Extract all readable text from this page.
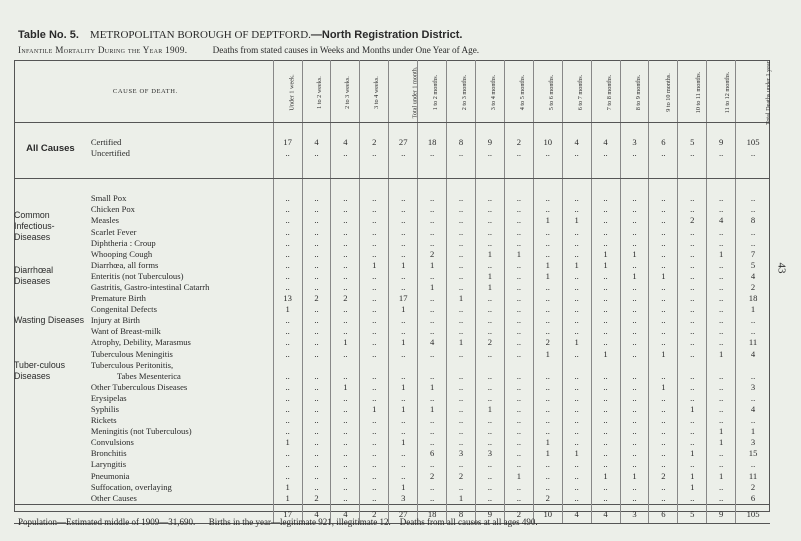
Table No. 5. METROPOLITAN BOROUGH OF DEPTFORD.—North Registration District.
Infantile Mortality During the Year 1909.	Deaths from stated causes in Weeks and Months under One Year of Age.
43
CAUSE OF DEATH.		Under 1 week.	1 to 2 weeks.	2 to 3 weeks.	3 to 4 weeks.	Total under 1 month.	1 to 2 months.	2 to 3 months.	3 to 4 months.	4 to 5 months.	5 to 6 months.	6 to 7 months.	7 to 8 months.	8 to 9 months.	9 to 10 months.	10 to 11 months.	11 to 12 months.	Total Deaths under 1 year.

All Causes	Certified	17	4	4	2	27	18	8	9	2	10	4	4	3	6	5	9	105
	Uncertified	..	..	..	..	..	..	..	..	..	..	..	..	..	..	..	..	..

Common Infectious-Diseases	Small Pox	..	..	..	..	..	..	..	..	..	..	..	..	..	..	..	..	..
	Chicken Pox	..	..	..	..	..	..	..	..	..	..	..	..	..	..	..	..	..
	Measles	..	..	..	..	..	..	..	..	..	1	1	..	..	..	2	4	8
	Scarlet Fever	..	..	..	..	..	..	..	..	..	..	..	..	..	..	..	..	..
	Diphtheria : Croup	..	..	..	..	..	..	..	..	..	..	..	..	..	..	..	..	..
	Whooping Cough	..	..	..	..	..	2	..	1	1	..	..	1	1	..	..	1	7
Diarrhœal Diseases	Diarrhœa, all forms	..	..	..	1	1	1	..	..	..	1	1	1	..	..	..	..	5
	Enteritis (not Tuberculous)	..	..	..	..	..	..	..	1	..	1	..	..	1	1	..	..	4
	Gastritis, Gastro-intestinal Catarrh	..	..	..	..	..	1	..	1	..	..	..	..	..	..	..	..	2
Wasting Diseases	Premature Birth	13	2	2	..	17	..	1	..	..	..	..	..	..	..	..	..	18
	Congenital Defects	1	..	..	..	1	..	..	..	..	..	..	..	..	..	..	..	1
	Injury at Birth	..	..	..	..	..	..	..	..	..	..	..	..	..	..	..	..	..
	Want of Breast-milk	..	..	..	..	..	..	..	..	..	..	..	..	..	..	..	..	..
	Atrophy, Debility, Marasmus	..	..	1	..	1	4	1	2	..	2	1	..	..	..	..	..	11
Tuber-culous Diseases	Tuberculous Meningitis	..	..	..	..	..	..	..	..	..	1	..	1	..	1	..	1	4
	Tuberculous Peritonitis,																	
	Tabes Mesenterica	..	..	..	..	..	..	..	..	..	..	..	..	..	..	..	..	..
	Other Tuberculous Diseases	..	..	1	..	1	1	..	..	..	..	..	..	..	1	..	..	3
	Erysipelas	..	..	..	..	..	..	..	..	..	..	..	..	..	..	..	..	..
	Syphilis	..	..	..	1	1	1	..	1	..	..	..	..	..	..	1	..	4
	Rickets	..	..	..	..	..	..	..	..	..	..	..	..	..	..	..	..	..
	Meningitis (not Tuberculous)	..	..	..	..	..	..	..	..	..	..	..	..	..	..	..	1	1
	Convulsions	1	..	..	..	1	..	..	..	..	1	..	..	..	..	..	1	3
	Bronchitis	..	..	..	..	..	6	3	3	..	1	1	..	..	..	1	..	15
	Laryngitis	..	..	..	..	..	..	..	..	..	..	..	..	..	..	..	..	..
	Pneumonia	..	..	..	..	..	2	2	..	1	..	..	1	1	2	1	1	11
	Suffocation, overlaying	1	..	..	..	1	..	..	..	..	..	..	..	..	..	1	..	2
	Other Causes	1	2	..	..	3	..	1	..	..	2	..	..	..	..	..	..	6
		17	4	4	2	27	18	8	9	2	10	4	4	3	6	5	9	105
Population—Estimated middle of 1909—31,690. Births in the year—legitimate 921, illegitimate 12. Deaths from all causes at all ages 490.
